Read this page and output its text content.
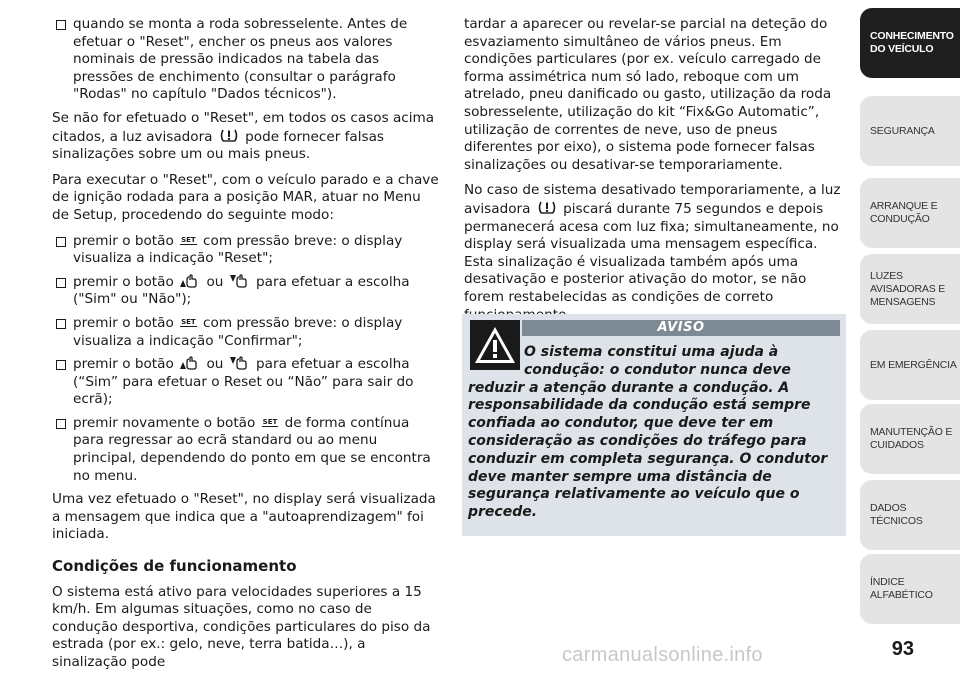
quando se monta a roda sobresselente. Antes de efetuar o "Reset", encher os pneus aos valores nominais de pressão indicados na tabela das pressões de enchimento (consultar o parágrafo "Rodas" no capítulo "Dados técnicos").

Se não for efetuado o "Reset", em todos os casos acima citados, a luz avisadora pode fornecer falsas sinalizações sobre um ou mais pneus.

Para executar o "Reset", com o veículo parado e a chave de ignição rodada para a posição MAR, atuar no Menu de Setup, procedendo do seguinte modo:

premir o botão SET com pressão breve: o display visualiza a indicação "Reset";
premir o botão ou para efetuar a escolha ("Sim" ou "Não");
premir o botão SET com pressão breve: o display visualiza a indicação "Confirmar";
premir o botão ou para efetuar a escolha (“Sim” para efetuar o Reset ou “Não” para sair do ecrã);
premir novamente o botão SET de forma contínua para regressar ao ecrã standard ou ao menu principal, dependendo do ponto em que se encontra no menu.

Uma vez efetuado o "Reset", no display será visualizada a mensagem que indica que a "autoaprendizagem" foi iniciada.

Condições de funcionamento

O sistema está ativo para velocidades superiores a 15 km/h. Em algumas situações, como no caso de condução desportiva, condições particulares do piso da estrada (por ex.: gelo, neve, terra batida…), a sinalização pode

tardar a aparecer ou revelar-se parcial na deteção do esvaziamento simultâneo de vários pneus. Em condições particulares (por ex. veículo carregado de forma assimétrica num só lado, reboque com um atrelado, pneu danificado ou gasto, utilização da roda sobresselente, utilização do kit “Fix&Go Automatic”, utilização de correntes de neve, uso de pneus diferentes por eixo), o sistema pode fornecer falsas sinalizações ou desativar-se temporariamente.

No caso de sistema desativado temporariamente, a luz avisadora piscará durante 75 segundos e depois permanecerá acesa com luz fixa; simultaneamente, no display será visualizada uma mensagem específica. Esta sinalização é visualizada também após uma desativação e posterior ativação do motor, se não forem restabelecidas as condições de correto

AVISO
O sistema constitui uma ajuda à condução: o condutor nunca deve
reduzir a atenção durante a condução. A responsabilidade da condução está sempre confiada ao condutor, que deve ter em consideração as condições do tráfego para conduzir em completa segurança. O condutor deve manter sempre uma distância de segurança relativamente ao veículo que o precede.
CONHECIMENTO DO VEÍCULO
SEGURANÇA
ARRANQUE E CONDUÇÃO
LUZES AVISADORAS E MENSAGENS
EM EMERGÊNCIA
MANUTENÇÃO E CUIDADOS
DADOS TÉCNICOS
ÍNDICE ALFABÉTICO
93
carmanualsonline.info
